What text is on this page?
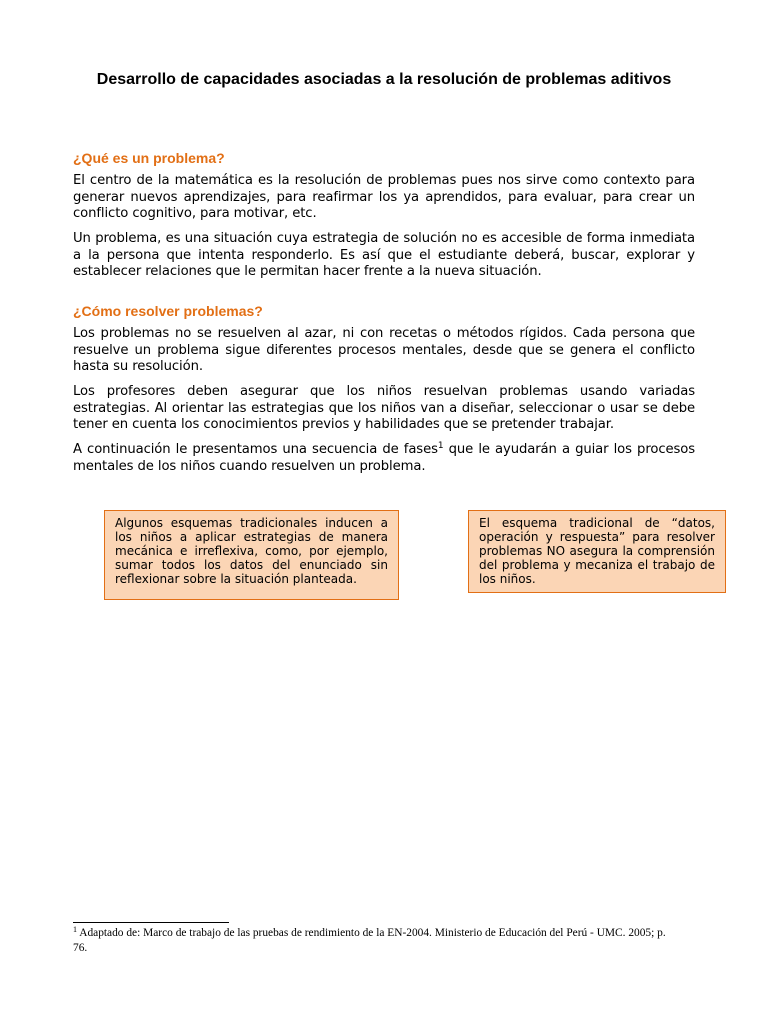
Desarrollo de capacidades asociadas a la resolución de problemas aditivos
¿Qué es un problema?

El centro de la matemática es la resolución de problemas pues nos sirve como contexto para generar nuevos aprendizajes, para reafirmar los ya aprendidos, para evaluar, para crear un conflicto cognitivo, para motivar, etc.

Un problema, es una situación cuya estrategia de solución no es accesible de forma inmediata a la persona que intenta responderlo. Es así que el estudiante deberá, buscar, explorar y establecer relaciones que le permitan hacer frente a la nueva situación.

¿Cómo resolver problemas?

Los problemas no se resuelven al azar, ni con recetas o métodos rígidos. Cada persona que resuelve un problema sigue diferentes procesos mentales, desde que se genera el conflicto hasta su resolución.

Los profesores deben asegurar que los niños resuelvan problemas usando variadas estrategias. Al orientar las estrategias que los niños van a diseñar, seleccionar o usar se debe tener en cuenta los conocimientos previos y habilidades que se pretender trabajar.

A continuación le presentamos una secuencia de fases$^1$ que le ayudarán a guiar los procesos mentales de los niños cuando resuelven un problema.

Algunos esquemas tradicionales inducen a los niños a aplicar estrategias de manera mecánica e irreflexiva, como, por ejemplo, sumar todos los datos del enunciado sin reflexionar sobre la situación planteada.
El esquema tradicional de “datos, operación y respuesta” para resolver problemas NO asegura la comprensión del problema y mecaniza el trabajo de los niños.

$^1$ Adaptado de: Marco de trabajo de las pruebas de rendimiento de la EN-2004. Ministerio de Educación del Perú - UMC. 2005; p. 76.
